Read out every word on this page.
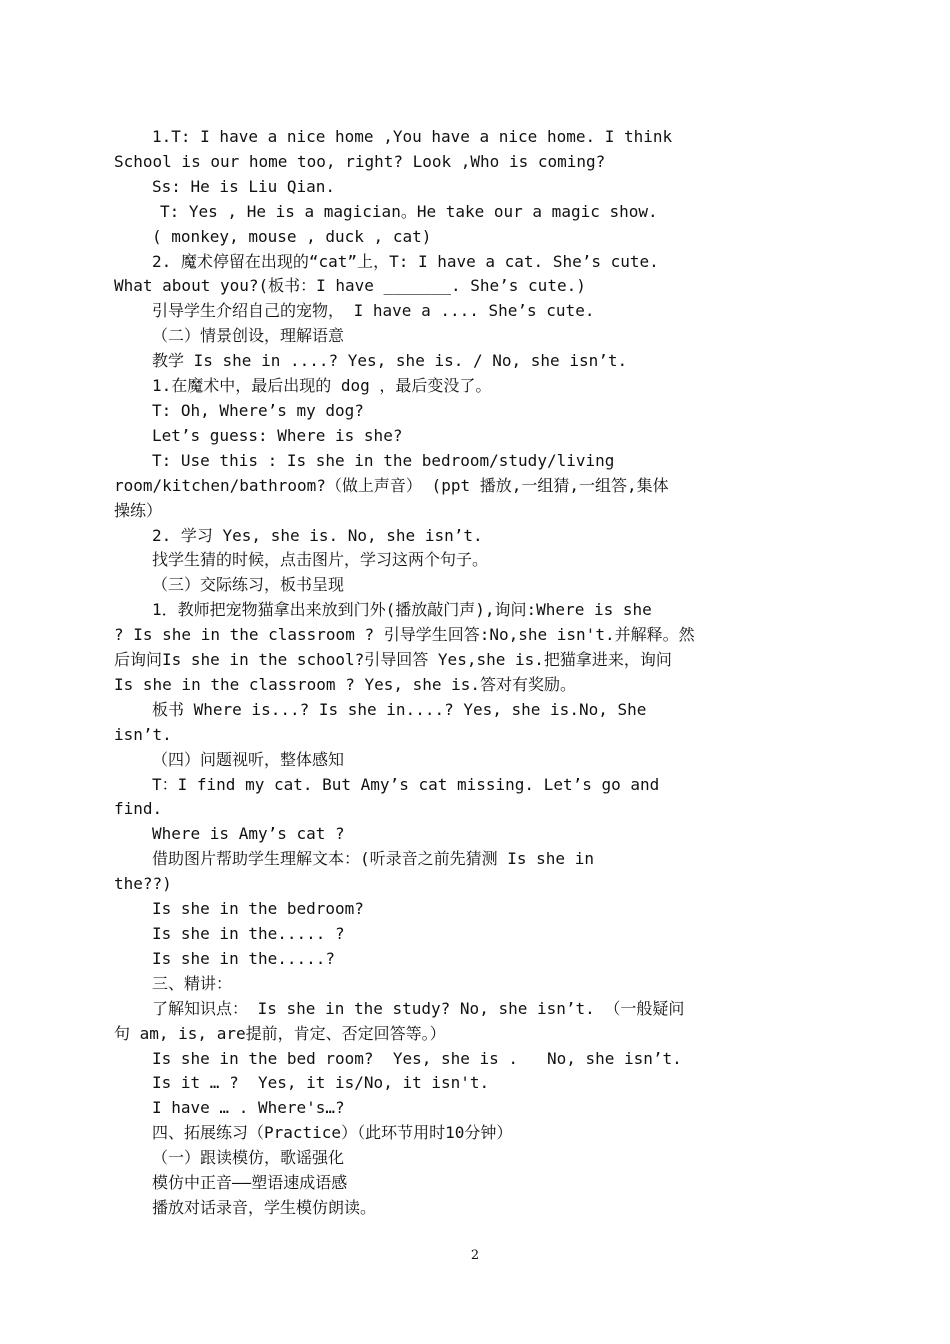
1.T: I have a nice home ,You have a nice home. I think
School is our home too, right? Look ,Who is coming?
Ss: He is Liu Qian.
T: Yes , He is a magician。He take our a magic show.
( monkey, mouse , duck , cat)
2. 魔术停留在出现的“cat”上，T: I have a cat. She’s cute.
What about you?(板书：I have _______. She’s cute.)
引导学生介绍自己的宠物， I have a .... She’s cute.
（二）情景创设，理解语意
教学 Is she in ....? Yes, she is. / No, she isn’t.
1.在魔术中，最后出现的 dog ，最后变没了。
T: Oh, Where’s my dog?
Let’s guess: Where is she?
T: Use this : Is she in the bedroom/study/living
room/kitchen/bathroom?（做上声音） (ppt 播放,一组猜,一组答,集体
操练）
2. 学习 Yes, she is. No, she isn’t.
找学生猜的时候，点击图片，学习这两个句子。
（三）交际练习，板书呈现
1．教师把宠物猫拿出来放到门外(播放敲门声),询问:Where is she
? Is she in the classroom ? 引导学生回答:No,she isn't.并解释。然
后询问Is she in the school?引导回答 Yes,she is.把猫拿进来，询问
Is she in the classroom ? Yes, she is.答对有奖励。
板书 Where is...? Is she in....? Yes, she is.No, She
isn’t.
（四）问题视听，整体感知
T：I find my cat. But Amy’s cat missing. Let’s go and
find.
Where is Amy’s cat ?
借助图片帮助学生理解文本：(听录音之前先猜测 Is she in
the??)
Is she in the bedroom?
Is she in the..... ?
Is she in the.....?
三、精讲：
了解知识点： Is she in the study? No, she isn’t. （一般疑问
句 am, is, are提前，肯定、否定回答等。）
Is she in the bed room?  Yes, she is .   No, she isn’t.
Is it … ?  Yes, it is/No, it isn't.
I have … . Where's…?
四、拓展练习（Practice）（此环节用时10分钟）
（一）跟读模仿，歌谣强化
模仿中正音——塑语速成语感
播放对话录音，学生模仿朗读。
2
